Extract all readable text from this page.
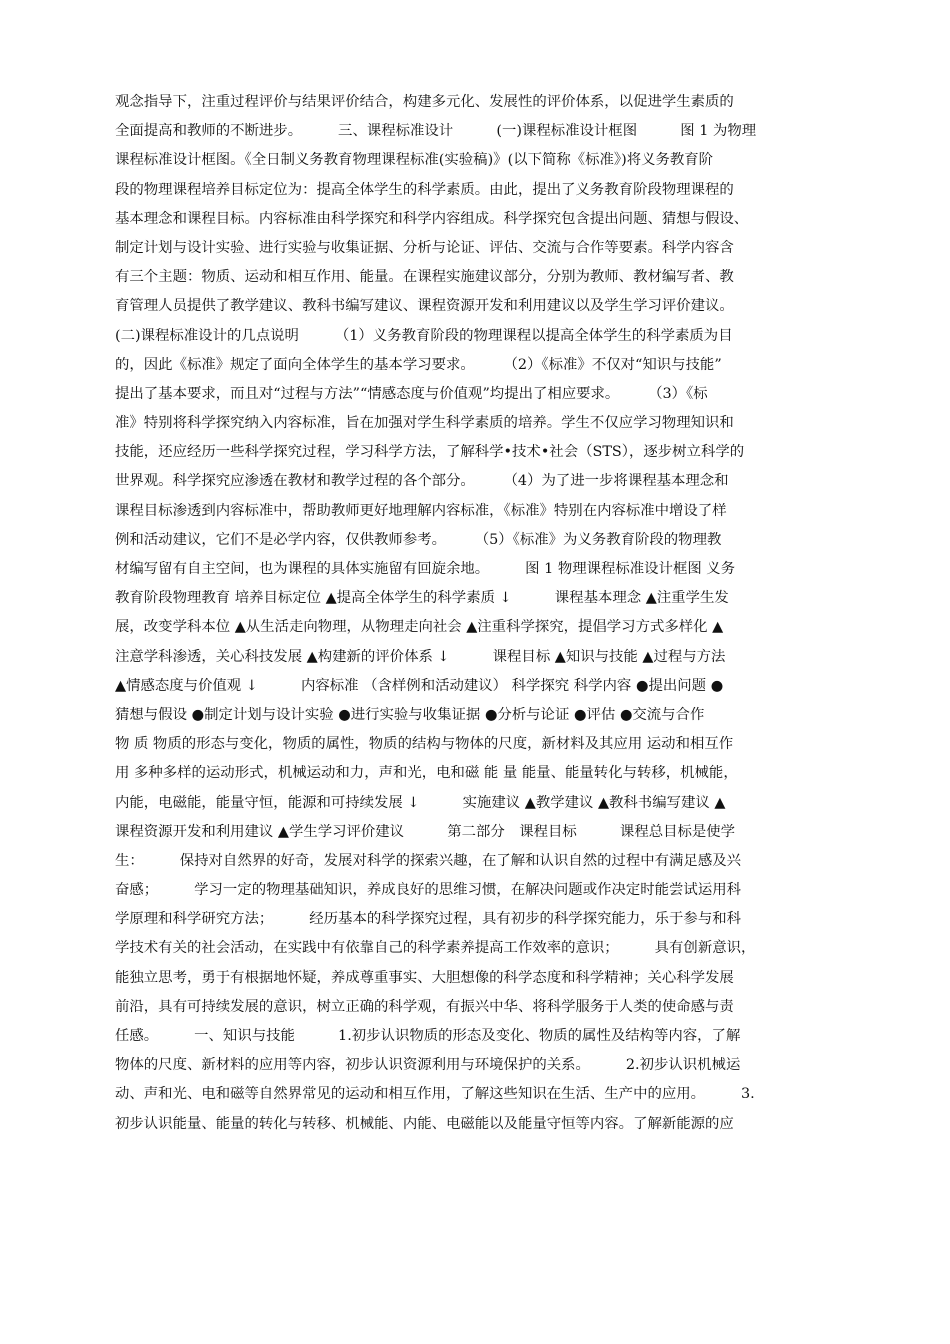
观念指导下，注重过程评价与结果评价结合，构建多元化、发展性的评价体系，以促进学生素质的
全面提高和教师的不断进步。　　　三、课程标准设计　　　(一)课程标准设计框图　　　图 1 为物理
课程标准设计框图。《全日制义务教育物理课程标准(实验稿)》(以下简称《标准》)将义务教育阶
段的物理课程培养目标定位为：提高全体学生的科学素质。由此，提出了义务教育阶段物理课程的
基本理念和课程目标。内容标准由科学探究和科学内容组成。科学探究包含提出问题、猜想与假设、
制定计划与设计实验、进行实验与收集证据、分析与论证、评估、交流与合作等要素。科学内容含
有三个主题：物质、运动和相互作用、能量。在课程实施建议部分，分别为教师、教材编写者、教
育管理人员提供了教学建议、教科书编写建议、课程资源开发和利用建议以及学生学习评价建议。
(二)课程标准设计的几点说明　　　（1）义务教育阶段的物理课程以提高全体学生的科学素质为目
的，因此《标准》规定了面向全体学生的基本学习要求。　　　（2）《标准》不仅对“知识与技能”
提出了基本要求，而且对“过程与方法”“情感态度与价值观”均提出了相应要求。　　　（3）《标
准》特别将科学探究纳入内容标准，旨在加强对学生科学素质的培养。学生不仅应学习物理知识和
技能，还应经历一些科学探究过程，学习科学方法，了解科学•技术•社会（STS），逐步树立科学的
世界观。科学探究应渗透在教材和教学过程的各个部分。　　　（4）为了进一步将课程基本理念和
课程目标渗透到内容标准中，帮助教师更好地理解内容标准，《标准》特别在内容标准中增设了样
例和活动建议，它们不是必学内容，仅供教师参考。　　　（5）《标准》为义务教育阶段的物理教
材编写留有自主空间，也为课程的具体实施留有回旋余地。　　　图 1 物理课程标准设计框图 义务
教育阶段物理教育 培养目标定位 ▲提高全体学生的科学素质 ↓　　　课程基本理念 ▲注重学生发
展，改变学科本位 ▲从生活走向物理，从物理走向社会 ▲注重科学探究，提倡学习方式多样化 ▲
注意学科渗透，关心科技发展 ▲构建新的评价体系 ↓　　　课程目标 ▲知识与技能 ▲过程与方法
▲情感态度与价值观 ↓　　　内容标准 （含样例和活动建议） 科学探究 科学内容 ●提出问题 ●
猜想与假设 ●制定计划与设计实验 ●进行实验与收集证据 ●分析与论证 ●评估 ●交流与合作
物 质 物质的形态与变化，物质的属性，物质的结构与物体的尺度，新材料及其应用 运动和相互作
用 多种多样的运动形式，机械运动和力，声和光，电和磁 能 量 能量、能量转化与转移，机械能，
内能，电磁能，能量守恒，能源和可持续发展 ↓　　　实施建议 ▲教学建议 ▲教科书编写建议 ▲
课程资源开发和利用建议 ▲学生学习评价建议　　　第二部分　课程目标　　　课程总目标是使学
生：　　　保持对自然界的好奇，发展对科学的探索兴趣，在了解和认识自然的过程中有满足感及兴
奋感；　　　学习一定的物理基础知识，养成良好的思维习惯，在解决问题或作决定时能尝试运用科
学原理和科学研究方法；　　　经历基本的科学探究过程，具有初步的科学探究能力，乐于参与和科
学技术有关的社会活动，在实践中有依靠自己的科学素养提高工作效率的意识；　　　具有创新意识，
能独立思考，勇于有根据地怀疑，养成尊重事实、大胆想像的科学态度和科学精神；关心科学发展
前沿，具有可持续发展的意识，树立正确的科学观，有振兴中华、将科学服务于人类的使命感与责
任感。　　　一、知识与技能　　　1.初步认识物质的形态及变化、物质的属性及结构等内容，了解
物体的尺度、新材料的应用等内容，初步认识资源利用与环境保护的关系。　　　2.初步认识机械运
动、声和光、电和磁等自然界常见的运动和相互作用，了解这些知识在生活、生产中的应用。　　　3.
初步认识能量、能量的转化与转移、机械能、内能、电磁能以及能量守恒等内容。了解新能源的应
